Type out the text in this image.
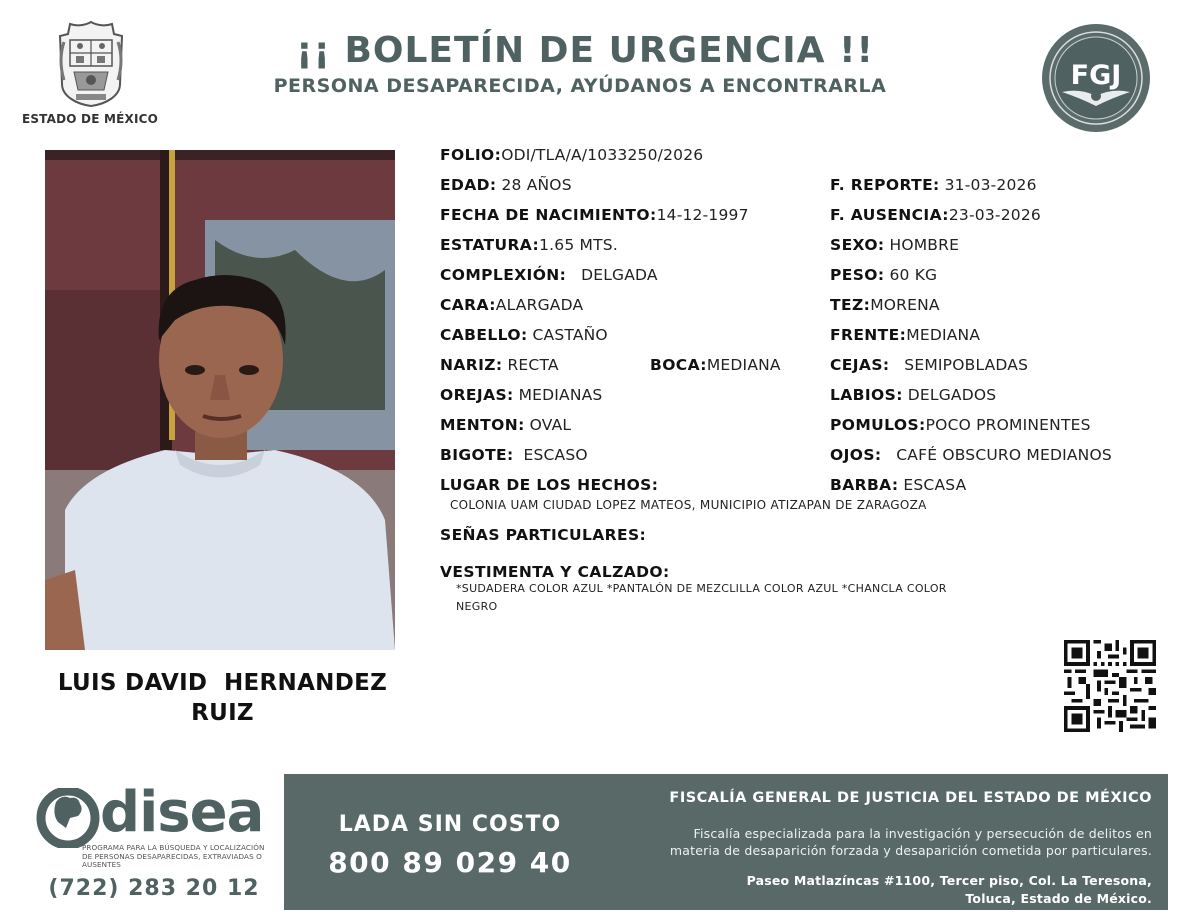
ESTADO DE MÉXICO
¡¡ BOLETÍN DE URGENCIA !!
PERSONA DESAPARECIDA, AYÚDANOS A ENCONTRARLA	FGJ
LUIS DAVID  HERNANDEZ
RUIZ
FOLIO:ODI/TLA/A/1033250/2026
EDAD: 28 AÑOS	F. REPORTE: 31-03-2026
FECHA DE NACIMIENTO:14-12-1997	F. AUSENCIA:23-03-2026
ESTATURA:1.65 MTS.	SEXO: HOMBRE
COMPLEXIÓN: DELGADA	PESO: 60 KG
CARA:ALARGADA	TEZ:MORENA
CABELLO: CASTAÑO	FRENTE:MEDIANA
NARIZ: RECTA	BOCA:MEDIANA	CEJAS: SEMIPOBLADAS
OREJAS: MEDIANAS	LABIOS: DELGADOS
MENTON: OVAL	POMULOS:POCO PROMINENTES
BIGOTE: ESCASO	OJOS: CAFÉ OBSCURO MEDIANOS
LUGAR DE LOS HECHOS:	BARBA: ESCASA
COLONIA UAM CIUDAD LOPEZ MATEOS, MUNICIPIO ATIZAPAN DE ZARAGOZA
SEÑAS PARTICULARES:
VESTIMENTA Y CALZADO:
*SUDADERA COLOR AZUL *PANTALÓN DE MEZCLILLA COLOR AZUL *CHANCLA COLOR
NEGRO
disea
PROGRAMA PARA LA BÚSQUEDA Y LOCALIZACIÓN
DE PERSONAS DESAPARECIDAS, EXTRAVIADAS O
AUSENTES
(722) 283 20 12
LADA SIN COSTO
800 89 029 40
FISCALÍA GENERAL DE JUSTICIA DEL ESTADO DE MÉXICO
Fiscalía especializada para la investigación y persecución de delitos en
materia de desaparición forzada y desaparición cometida por particulares.
Paseo Matlazíncas #1100, Tercer piso, Col. La Teresona,
Toluca, Estado de México.
